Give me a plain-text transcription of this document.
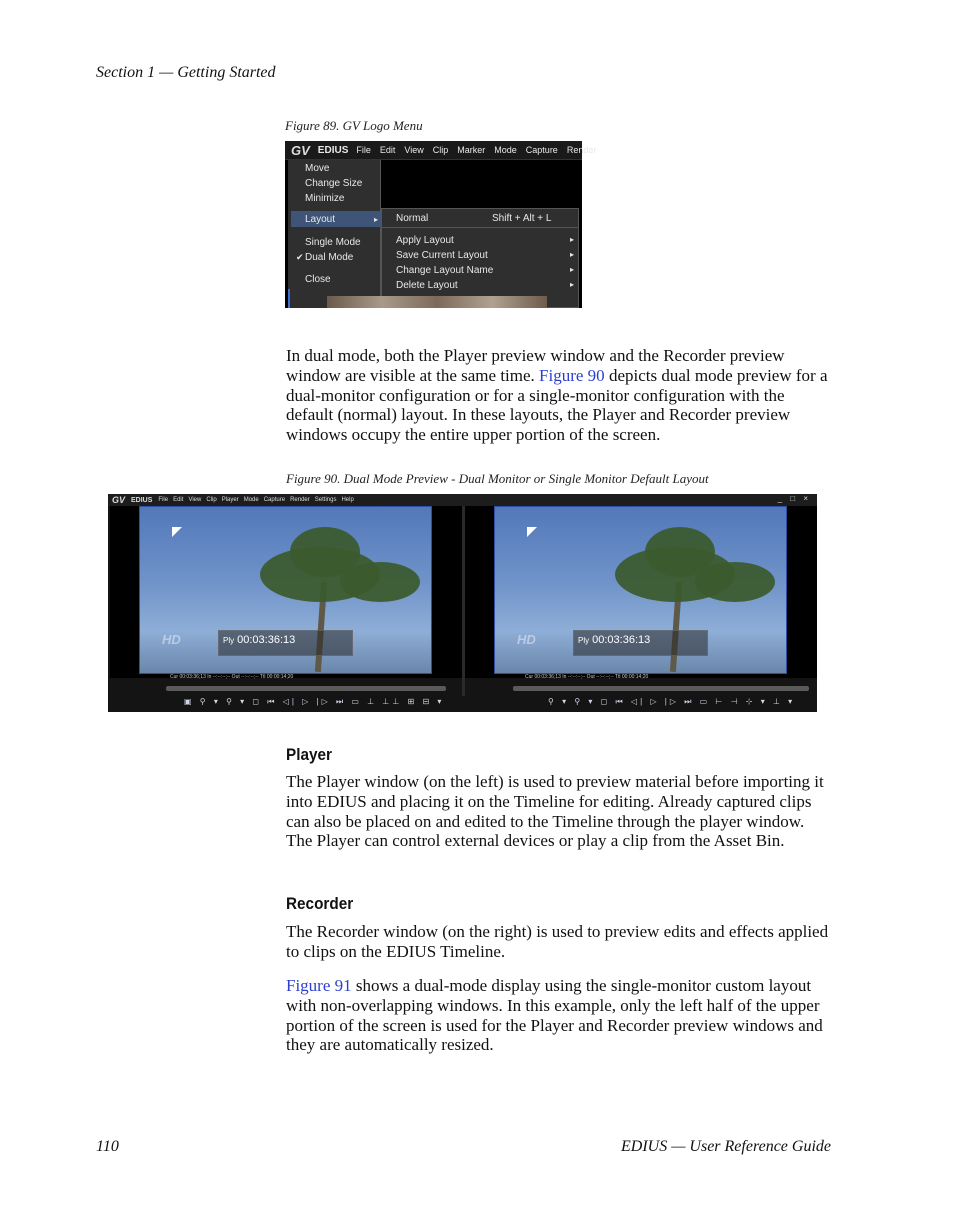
Section 1 — Getting Started
Figure 89. GV Logo Menu
GV EDIUS File Edit View Clip Marker Mode Capture Render
Move
Change Size
Minimize
Layout	▸
Single Mode
✔ Dual Mode
Close
Normal	Shift + Alt + L
Apply Layout	▸
Save Current Layout	▸
Change Layout Name	▸
Delete Layout	▸
In dual mode, both the Player preview window and the Recorder preview window are visible at the same time. Figure 90 depicts dual mode preview for a dual-monitor configuration or for a single-monitor configuration with the default (normal) layout. In these layouts, the Player and Recorder preview windows occupy the entire upper portion of the screen.
Figure 90. Dual Mode Preview - Dual Monitor or Single Monitor Default Layout
GV EDIUS File Edit View Clip Player Mode Capture Render Settings Help	_ □ ×
HD	Ply 00:03:36:13
Cur 00:03:36;13 In --:--:--;-- Out --:--:--;-- Ttl 00:00:14;20
▣ ⚲ ▾ ⚲ ▾ ◻ ⏮ ◁| ▷ |▷ ⏭ ▭ ⊥ ⊥⊥ ⊞ ⊟ ▾
HD	Ply 00:03:36:13
Cur 00:03:36;13 In --:--:--;-- Out --:--:--;-- Ttl 00:00:14;20
⚲ ▾ ⚲ ▾ ◻ ⏮ ◁| ▷ |▷ ⏭ ▭ ⊢ ⊣ ⊹ ▾ ⊥ ▾
Player
The Player window (on the left) is used to preview material before importing it into EDIUS and placing it on the Timeline for editing. Already captured clips can also be placed on and edited to the Timeline through the player window. The Player can control external devices or play a clip from the Asset Bin.
Recorder
The Recorder window (on the right) is used to preview edits and effects applied to clips on the EDIUS Timeline.
Figure 91 shows a dual-mode display using the single-monitor custom layout with non-overlapping windows. In this example, only the left half of the upper portion of the screen is used for the Player and Recorder preview windows and they are automatically resized.
110	EDIUS — User Reference Guide
